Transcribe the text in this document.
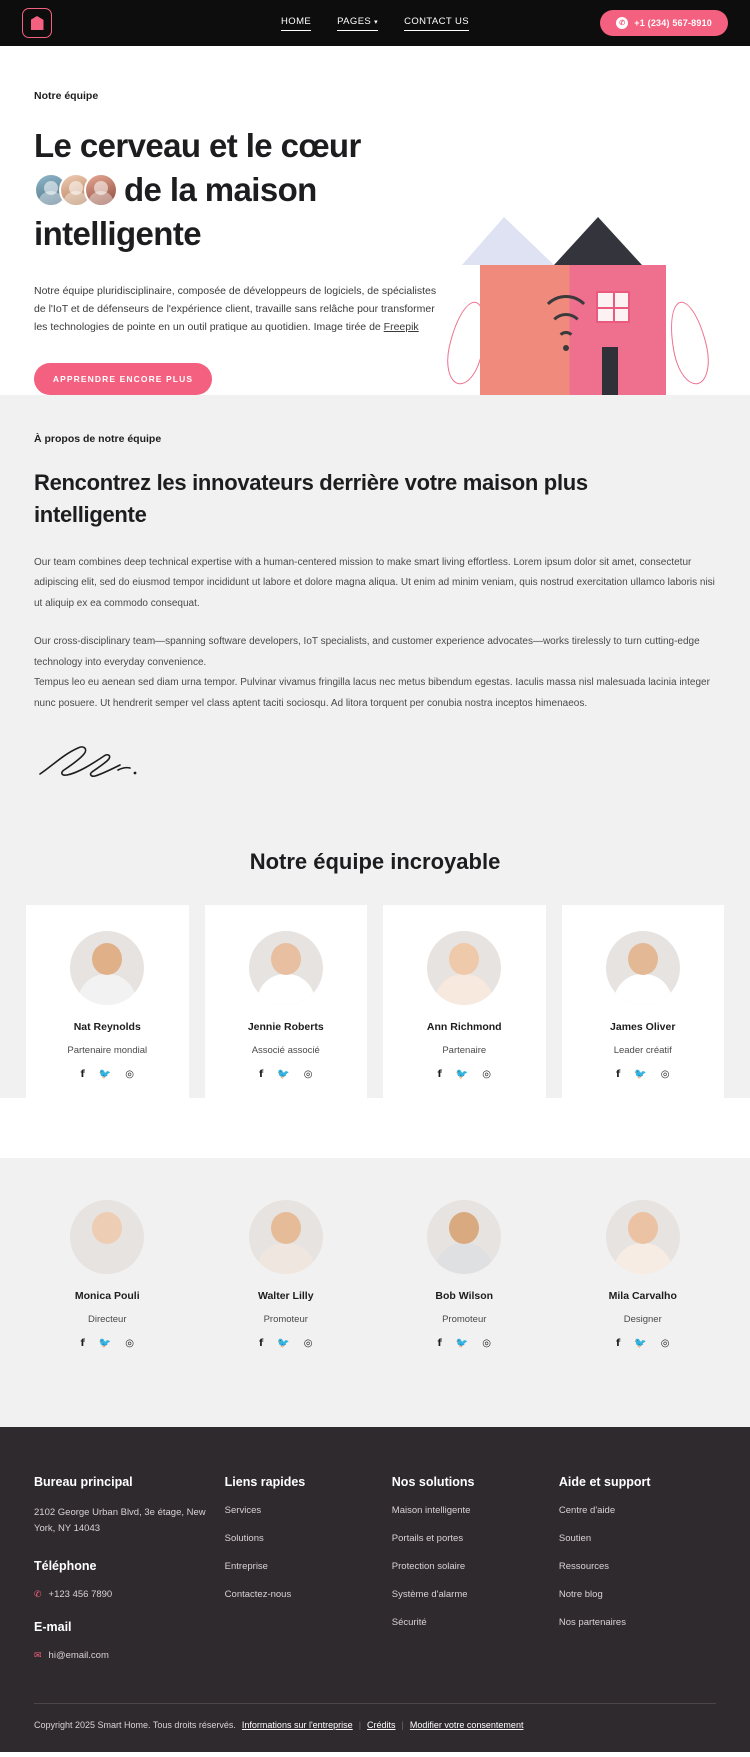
HOME	PAGES ▾	CONTACT US	✆ +1 (234) 567-8910
Notre équipe
Le cerveau et le cœur

de la maison
intelligente

Notre équipe pluridisciplinaire, composée de développeurs de logiciels, de spécialistes de l'IoT et de défenseurs de l'expérience client, travaille sans relâche pour transformer les technologies de pointe en un outil pratique au quotidien. Image tirée de Freepik

APPRENDRE ENCORE PLUS
À propos de notre équipe
Rencontrez les innovateurs derrière votre maison plus intelligente

Our team combines deep technical expertise with a human-centered mission to make smart living effortless. Lorem ipsum dolor sit amet, consectetur adipiscing elit, sed do eiusmod tempor incididunt ut labore et dolore magna aliqua. Ut enim ad minim veniam, quis nostrud exercitation ullamco laboris nisi ut aliquip ex ea commodo consequat.

Our cross-disciplinary team—spanning software developers, IoT specialists, and customer experience advocates—works tirelessly to turn cutting-edge technology into everyday convenience.

Tempus leo eu aenean sed diam urna tempor. Pulvinar vivamus fringilla lacus nec metus bibendum egestas. Iaculis massa nisl malesuada lacinia integer nunc posuere. Ut hendrerit semper vel class aptent taciti sociosqu. Ad litora torquent per conubia nostra inceptos himenaeos.

Notre équipe incroyable
Nat Reynolds
Partenaire mondial
𝗳 🐦 ◎
Jennie Roberts
Associé associé
𝗳 🐦 ◎
Ann Richmond
Partenaire
𝗳 🐦 ◎
James Oliver
Leader créatif
𝗳 🐦 ◎
Monica Pouli
Directeur
𝗳 🐦 ◎
Walter Lilly
Promoteur
𝗳 🐦 ◎
Bob Wilson
Promoteur
𝗳 🐦 ◎
Mila Carvalho
Designer
𝗳 🐦 ◎
Bureau principal
2102 George Urban Blvd, 3e étage, New York, NY 14043
Téléphone
✆ +123 456 7890
E-mail
✉ hi@email.com
Liens rapides
Services
Solutions
Entreprise
Contactez-nous
Nos solutions
Maison intelligente
Portails et portes
Protection solaire
Système d'alarme
Sécurité
Aide et support
Centre d'aide
Soutien
Ressources
Notre blog
Nos partenaires
Copyright 2025 Smart Home. Tous droits réservés. Informations sur l'entreprise | Crédits | Modifier votre consentement
